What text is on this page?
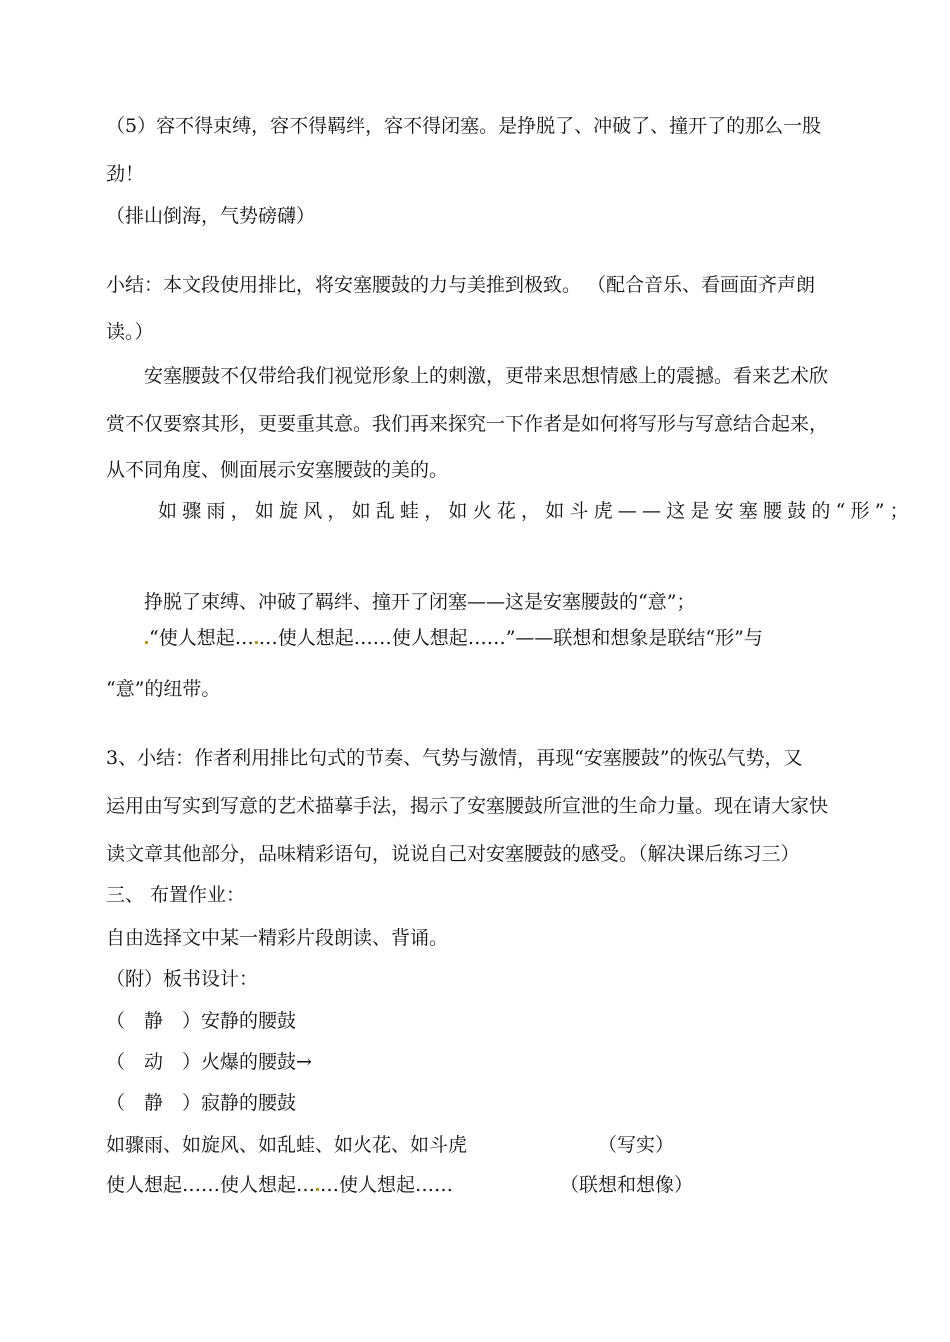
（5）容不得束缚，容不得羁绊，容不得闭塞。是挣脱了、冲破了、撞开了的那么一股

劲！

（排山倒海，气势磅礴）

小结：本文段使用排比，将安塞腰鼓的力与美推到极致。 （配合音乐、看画面齐声朗

读。）

安塞腰鼓不仅带给我们视觉形象上的刺激，更带来思想情感上的震撼。看来艺术欣

赏不仅要察其形，更要重其意。我们再来探究一下作者是如何将写形与写意结合起来，

从不同角度、侧面展示安塞腰鼓的美的。

如骤雨，如旋风，如乱蛙，如火花，如斗虎——这是安塞腰鼓的“形”；

挣脱了束缚、冲破了羁绊、撞开了闭塞——这是安塞腰鼓的“意”；

“使人想起… …使人想起……使人想起……”——联想和想象是联结“形”与

“意”的纽带。

3、小结：作者利用排比句式的节奏、气势与激情，再现“安塞腰鼓”的恢弘气势，又

运用由写实到写意的艺术描摹手法，揭示了安塞腰鼓所宣泄的生命力量。现在请大家快

读文章其他部分，品味精彩语句，说说自己对安塞腰鼓的感受。（解决课后练习三）

三、 布置作业：

自由选择文中某一精彩片段朗读、背诵。

（附）板书设计：

（　静　）安静的腰鼓

（　动　）火爆的腰鼓→

（　静　）寂静的腰鼓

如骤雨、如旋风、如乱蛙、如火花、如斗虎	（写实）

使人想起……使人想起… …使人想起……	（联想和想像）
